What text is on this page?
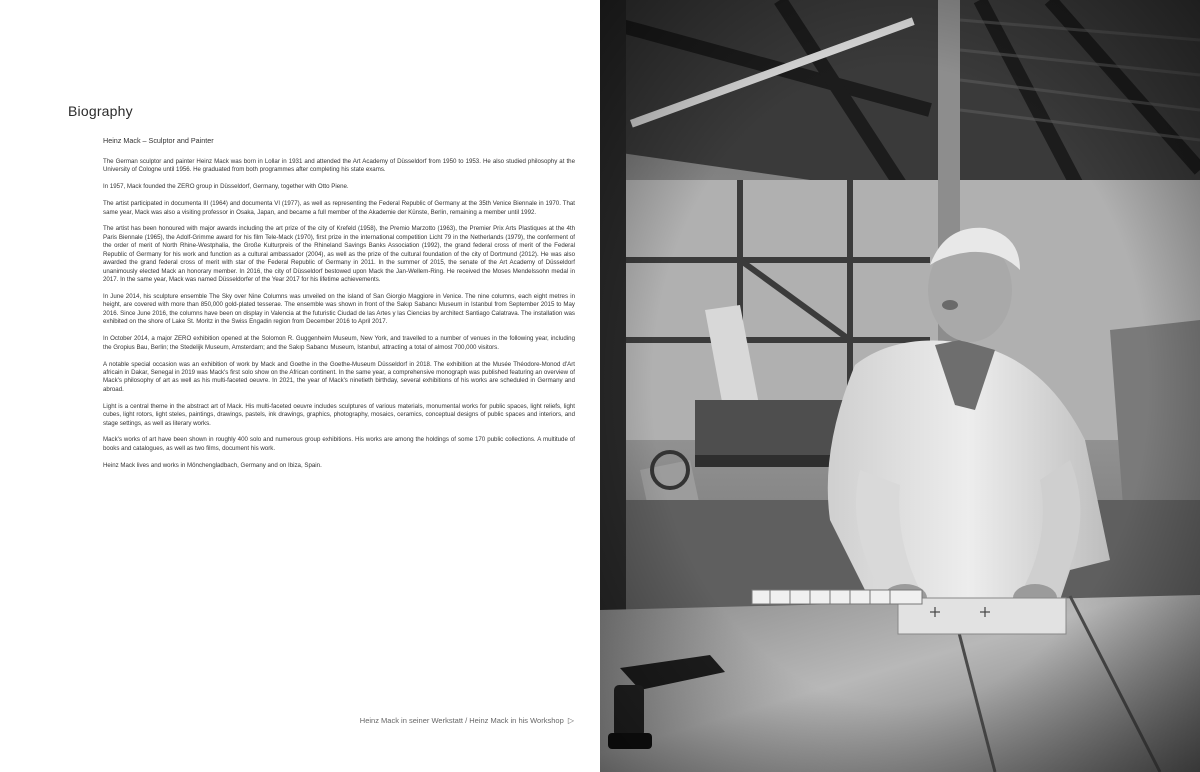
Biography
Heinz Mack – Sculptor and Painter

The German sculptor and painter Heinz Mack was born in Lollar in 1931 and attended the Art Academy of Düsseldorf from 1950 to 1953. He also studied philosophy at the University of Cologne until 1956. He graduated from both programmes after completing his state exams.

In 1957, Mack founded the ZERO group in Düsseldorf, Germany, together with Otto Piene.

The artist participated in documenta III (1964) and documenta VI (1977), as well as representing the Federal Republic of Germany at the 35th Venice Biennale in 1970. That same year, Mack was also a visiting professor in Osaka, Japan, and became a full member of the Akademie der Künste, Berlin, remaining a member until 1992.

The artist has been honoured with major awards including the art prize of the city of Krefeld (1958), the Premio Marzotto (1963), the Premier Prix Arts Plastiques at the 4th Paris Biennale (1965), the Adolf-Grimme award for his film Tele-Mack (1970), first prize in the international competition Licht 79 in the Netherlands (1979), the conferment of the order of merit of North Rhine-Westphalia, the Große Kulturpreis of the Rhineland Savings Banks Association (1992), the grand federal cross of merit of the Federal Republic of Germany for his work and function as a cultural ambassador (2004), as well as the prize of the cultural foundation of the city of Dortmund (2012). He was also awarded the grand federal cross of merit with star of the Federal Republic of Germany in 2011. In the summer of 2015, the senate of the Art Academy of Düsseldorf unanimously elected Mack an honorary member. In 2016, the city of Düsseldorf bestowed upon Mack the Jan-Wellem-Ring. He received the Moses Mendelssohn medal in 2017. In the same year, Mack was named Düsseldorfer of the Year 2017 for his lifetime achievements.

In June 2014, his sculpture ensemble The Sky over Nine Columns was unveiled on the island of San Giorgio Maggiore in Venice. The nine columns, each eight metres in height, are covered with more than 850,000 gold-plated tesserae. The ensemble was shown in front of the Sakıp Sabancı Museum in Istanbul from September 2015 to May 2016. Since June 2016, the columns have been on display in Valencia at the futuristic Ciudad de las Artes y las Ciencias by architect Santiago Calatrava. The installation was exhibited on the shore of Lake St. Moritz in the Swiss Engadin region from December 2016 to April 2017.

In October 2014, a major ZERO exhibition opened at the Solomon R. Guggenheim Museum, New York, and travelled to a number of venues in the following year, including the Gropius Bau, Berlin; the Stedelijk Museum, Amsterdam; and the Sakıp Sabancı Museum, Istanbul, attracting a total of almost 700,000 visitors.

A notable special occasion was an exhibition of work by Mack and Goethe in the Goethe-Museum Düsseldorf in 2018. The exhibition at the Musée Théodore-Monod d'Art africain in Dakar, Senegal in 2019 was Mack's first solo show on the African continent. In the same year, a comprehensive monograph was published featuring an overview of Mack's philosophy of art as well as his multi-faceted oeuvre. In 2021, the year of Mack's ninetieth birthday, several exhibitions of his works are scheduled in Germany and abroad.

Light is a central theme in the abstract art of Mack. His multi-faceted oeuvre includes sculptures of various materials, monumental works for public spaces, light reliefs, light cubes, light rotors, light steles, paintings, drawings, pastels, ink drawings, graphics, photography, mosaics, ceramics, conceptual designs of public spaces and interiors, and stage settings, as well as literary works.

Mack's works of art have been shown in roughly 400 solo and numerous group exhibitions. His works are among the holdings of some 170 public collections. A multitude of books and catalogues, as well as two films, document his work.

Heinz Mack lives and works in Mönchengladbach, Germany and on Ibiza, Spain.

Heinz Mack in seiner Werkstatt / Heinz Mack in his Workshop ▷
